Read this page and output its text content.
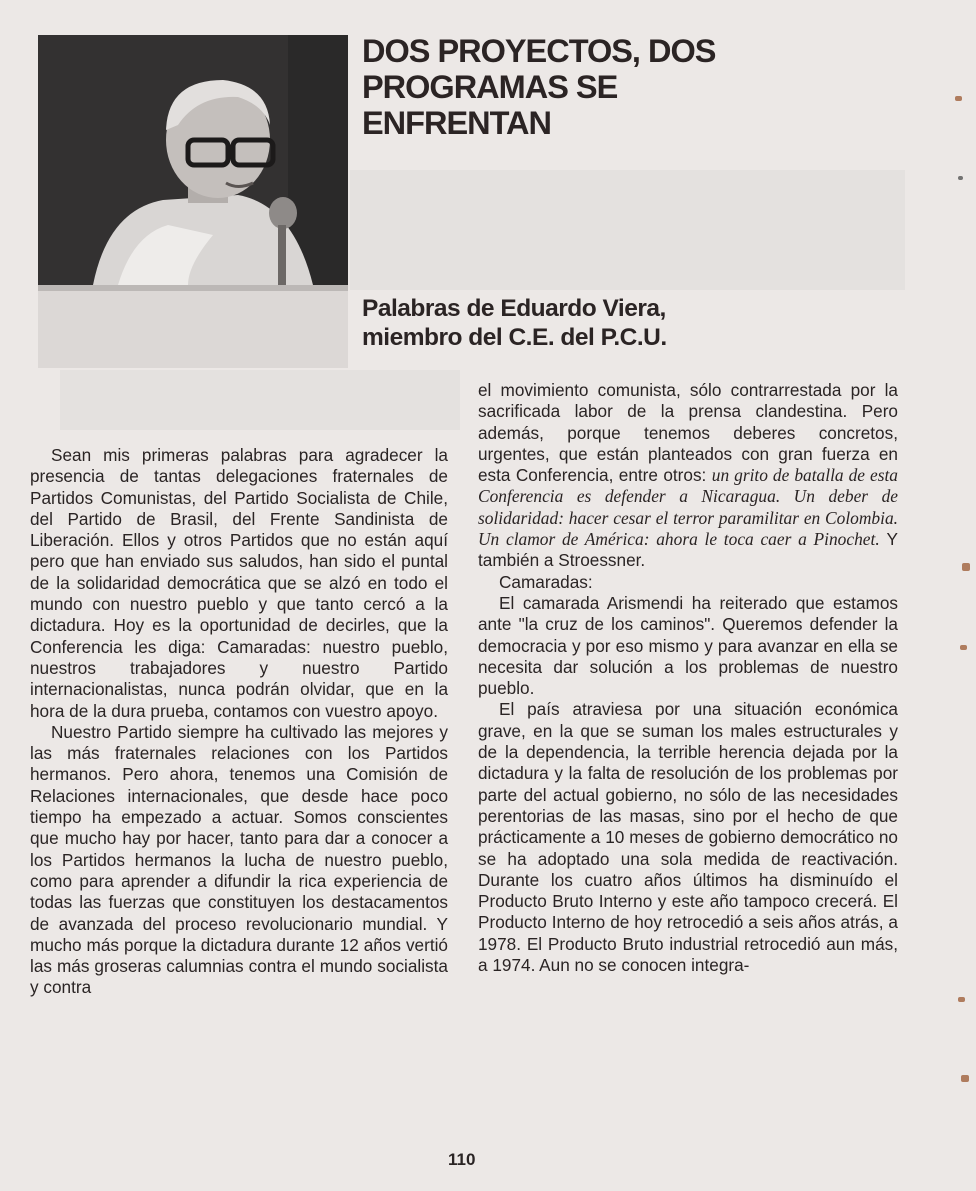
DOS PROYECTOS, DOS
PROGRAMAS SE
ENFRENTAN
Palabras de Eduardo Viera,
miembro del C.E. del P.C.U.

Sean mis primeras palabras para agradecer la presencia de tantas delegaciones fraternales de Partidos Comunistas, del Partido Socialista de Chile, del Partido de Brasil, del Frente Sandinista de Liberación. Ellos y otros Partidos que no están aquí pero que han enviado sus saludos, han sido el puntal de la solidaridad democrática que se alzó en todo el mundo con nuestro pueblo y que tanto cercó a la dictadura. Hoy es la oportunidad de decirles, que la Conferencia les diga: Camaradas: nuestro pueblo, nuestros trabajadores y nuestro Partido internacionalistas, nunca podrán olvidar, que en la hora de la dura prueba, contamos con vuestro apoyo.

Nuestro Partido siempre ha cultivado las mejores y las más fraternales relaciones con los Partidos hermanos. Pero ahora, tenemos una Comisión de Relaciones internacionales, que desde hace poco tiempo ha empezado a actuar. Somos conscientes que mucho hay por hacer, tanto para dar a conocer a los Partidos hermanos la lucha de nuestro pueblo, como para aprender a difundir la rica experiencia de todas las fuerzas que constituyen los destacamentos de avanzada del proceso revolucionario mundial. Y mucho más porque la dictadura durante 12 años vertió las más groseras calumnias contra el mundo socialista y contra

el movimiento comunista, sólo contrarrestada por la sacrificada labor de la prensa clandestina. Pero además, porque tenemos deberes concretos, urgentes, que están planteados con gran fuerza en esta Conferencia, entre otros: un grito de batalla de esta Conferencia es defender a Nicaragua. Un deber de solidaridad: hacer cesar el terror paramilitar en Colombia. Un clamor de América: ahora le toca caer a Pinochet. Y también a Stroessner.

Camaradas:

El camarada Arismendi ha reiterado que estamos ante "la cruz de los caminos". Queremos defender la democracia y por eso mismo y para avanzar en ella se necesita dar solución a los problemas de nuestro pueblo.

El país atraviesa por una situación económica grave, en la que se suman los males estructurales y de la dependencia, la terrible herencia dejada por la dictadura y la falta de resolución de los problemas por parte del actual gobierno, no sólo de las necesidades perentorias de las masas, sino por el hecho de que prácticamente a 10 meses de gobierno democrático no se ha adoptado una sola medida de reactivación. Durante los cuatro años últimos ha disminuído el Producto Bruto Interno y este año tampoco crecerá. El Producto Interno de hoy retrocedió a seis años atrás, a 1978. El Producto Bruto industrial retrocedió aun más, a 1974. Aun no se conocen integra-

110
